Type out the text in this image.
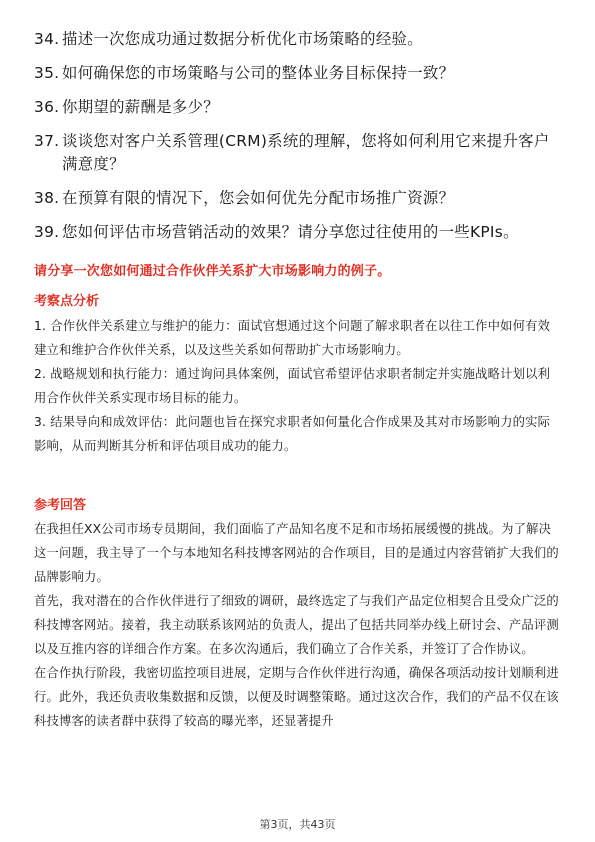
34. 描述一次您成功通过数据分析优化市场策略的经验。
35. 如何确保您的市场策略与公司的整体业务目标保持一致？
36. 你期望的薪酬是多少？
37. 谈谈您对客户关系管理(CRM)系统的理解，您将如何利用它来提升客户满意度？
38. 在预算有限的情况下，您会如何优先分配市场推广资源？
39. 您如何评估市场营销活动的效果？请分享您过往使用的一些KPIs。
请分享一次您如何通过合作伙伴关系扩大市场影响力的例子。
考察点分析

1. 合作伙伴关系建立与维护的能力：面试官想通过这个问题了解求职者在以往工作中如何有效建立和维护合作伙伴关系，以及这些关系如何帮助扩大市场影响力。

2. 战略规划和执行能力：通过询问具体案例，面试官希望评估求职者制定并实施战略计划以利用合作伙伴关系实现市场目标的能力。

3. 结果导向和成效评估：此问题也旨在探究求职者如何量化合作成果及其对市场影响力的实际影响，从而判断其分析和评估项目成功的能力。

参考回答

在我担任XX公司市场专员期间，我们面临了产品知名度不足和市场拓展缓慢的挑战。为了解决这一问题，我主导了一个与本地知名科技博客网站的合作项目，目的是通过内容营销扩大我们的品牌影响力。

首先，我对潜在的合作伙伴进行了细致的调研，最终选定了与我们产品定位相契合且受众广泛的科技博客网站。接着，我主动联系该网站的负责人，提出了包括共同举办线上研讨会、产品评测以及互推内容的详细合作方案。在多次沟通后，我们确立了合作关系，并签订了合作协议。

在合作执行阶段，我密切监控项目进展，定期与合作伙伴进行沟通，确保各项活动按计划顺利进行。此外，我还负责收集数据和反馈，以便及时调整策略。通过这次合作，我们的产品不仅在该科技博客的读者群中获得了较高的曝光率，还显著提升

第3页，共43页
